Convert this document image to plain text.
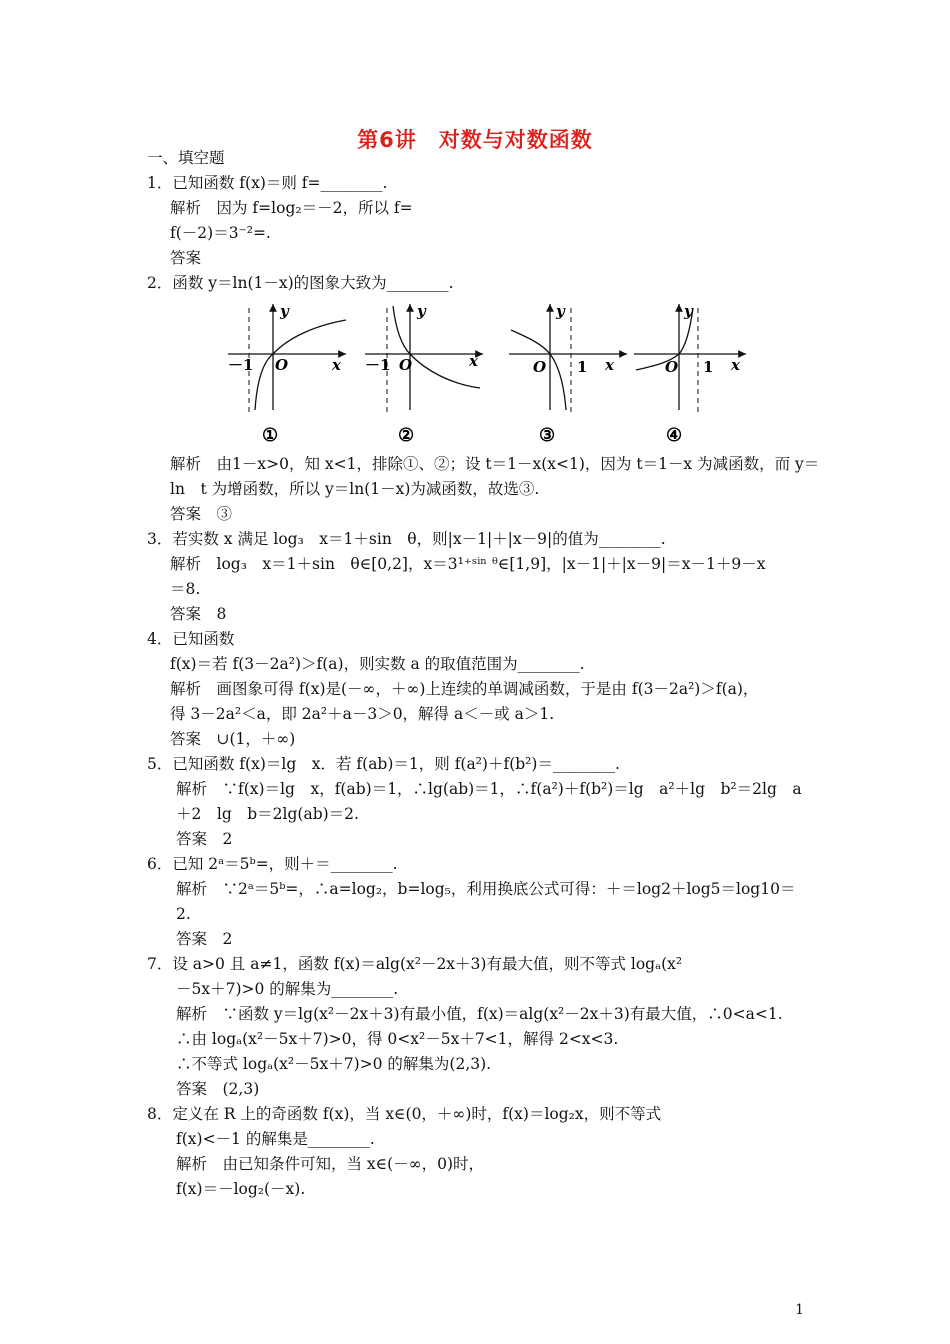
第6讲　对数与对数函数
一、填空题
1．已知函数 f(x)＝则 f=________.
解析　因为 f=log₂＝－2，所以 f=
f(－2)＝3⁻²=.
答案
2．函数 y＝ln(1－x)的图象大致为________.
解析　由1－x>0，知 x<1，排除①、②；设 t＝1－x(x<1)，因为 t＝1－x 为减函数，而 y＝
ln　t 为增函数，所以 y＝ln(1－x)为减函数，故选③.
答案　③
3．若实数 x 满足 log₃　x＝1＋sin　θ，则|x－1|＋|x－9|的值为________.
解析　log₃　x＝1＋sin　θ∈[0,2]，x＝3¹⁺ˢⁱⁿ ᶿ∈[1,9]，|x－1|＋|x－9|＝x－1＋9－x
＝8.
答案　8
4．已知函数
f(x)＝若 f(3－2a²)＞f(a)，则实数 a 的取值范围为________.
解析　画图象可得 f(x)是(－∞，＋∞)上连续的单调减函数，于是由 f(3－2a²)＞f(a)，
得 3－2a²＜a，即 2a²＋a－3＞0，解得 a＜－或 a＞1.
答案　∪(1，＋∞)
5．已知函数 f(x)＝lg　x．若 f(ab)＝1，则 f(a²)＋f(b²)＝________.
解析　∵f(x)＝lg　x，f(ab)＝1，∴lg(ab)＝1，∴f(a²)＋f(b²)＝lg　a²＋lg　b²＝2lg　a
＋2　lg　b＝2lg(ab)＝2.
答案　2
6．已知 2ᵃ＝5ᵇ=，则＋＝________.
解析　∵2ᵃ＝5ᵇ=，∴a=log₂，b=log₅，利用换底公式可得：＋＝log2＋log5＝log10＝
2.
答案　2
7．设 a>0 且 a≠1，函数 f(x)＝alg(x²－2x＋3)有最大值，则不等式 logₐ(x²
－5x＋7)>0 的解集为________.
解析　∵函数 y＝lg(x²－2x＋3)有最小值，f(x)＝alg(x²－2x＋3)有最大值，∴0<a<1.
∴由 logₐ(x²－5x＋7)>0，得 0<x²－5x＋7<1，解得 2<x<3.
∴不等式 logₐ(x²－5x＋7)>0 的解集为(2,3).
答案　(2,3)
8．定义在 R 上的奇函数 f(x)，当 x∈(0，＋∞)时，f(x)＝log₂x，则不等式
f(x)<－1 的解集是________.
解析　由已知条件可知，当 x∈(－∞，0)时，
f(x)＝－log₂(－x).
y
x
O
－1
①
y
x
O
－1
②
y
x
O 1
③
y
x
O 1
④
1
